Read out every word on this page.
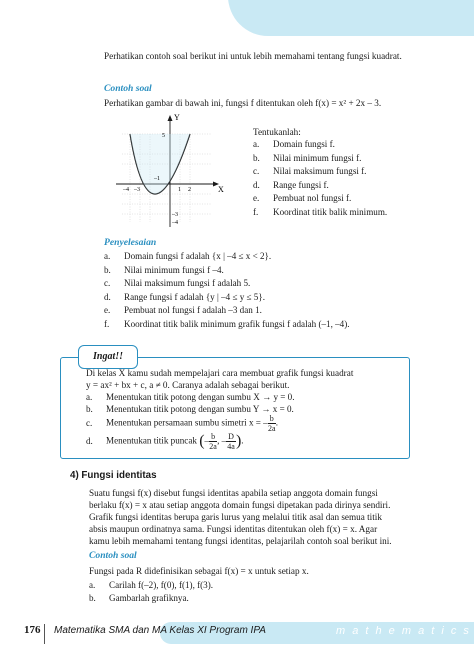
Perhatikan contoh soal berikut ini untuk lebih memahami tentang fungsi kuadrat.
Contoh soal
Perhatikan gambar di bawah ini, fungsi f ditentukan oleh f(x) = x² + 2x – 3.
Y
X
5
–1
–3
–4
–4 –3	1 2
Tentukanlah:
a. Domain fungsi f.
b. Nilai minimum fungsi f.
c. Nilai maksimum fungsi f.
d. Range fungsi f.
e. Pembuat nol fungsi f.
f. Koordinat titik balik minimum.
Penyelesaian
a. Domain fungsi f adalah {x | –4 ≤ x < 2}.
b. Nilai minimum fungsi f –4.
c. Nilai maksimum fungsi f adalah 5.
d. Range fungsi f adalah {y | –4 ≤ y ≤ 5}.
e. Pembuat nol fungsi f adalah –3 dan 1.
f. Koordinat titik balik minimum grafik fungsi f adalah (–1, –4).
Ingat!!
Di kelas X kamu sudah mempelajari cara membuat grafik fungsi kuadrat
y = ax² + bx + c, a ≠ 0. Caranya adalah sebagai berikut.
a. Menentukan titik potong dengan sumbu X → y = 0.
b. Menentukan titik potong dengan sumbu Y → x = 0.
c. Menentukan persamaan sumbu simetri x = – $\frac{b}{2a}$ .
d. Menentukan titik puncak (– $\frac{b}{2a}$ , – $\frac{D}{4a}$ ).
4) Fungsi identitas
Suatu fungsi f(x) disebut fungsi identitas apabila setiap anggota domain fungsi
berlaku f(x) = x atau setiap anggota domain fungsi dipetakan pada dirinya sendiri.
Grafik fungsi identitas berupa garis lurus yang melalui titik asal dan semua titik
absis maupun ordinatnya sama. Fungsi identitas ditentukan oleh f(x) = x. Agar
kamu lebih memahami tentang fungsi identitas, pelajarilah contoh soal berikut ini.
Contoh soal
Fungsi pada R didefinisikan sebagai f(x) = x untuk setiap x.
a. Carilah f(–2), f(0), f(1), f(3).
b. Gambarlah grafiknya.
176 Matematika SMA dan MA Kelas XI Program IPA	m a t h e m a t i c s
